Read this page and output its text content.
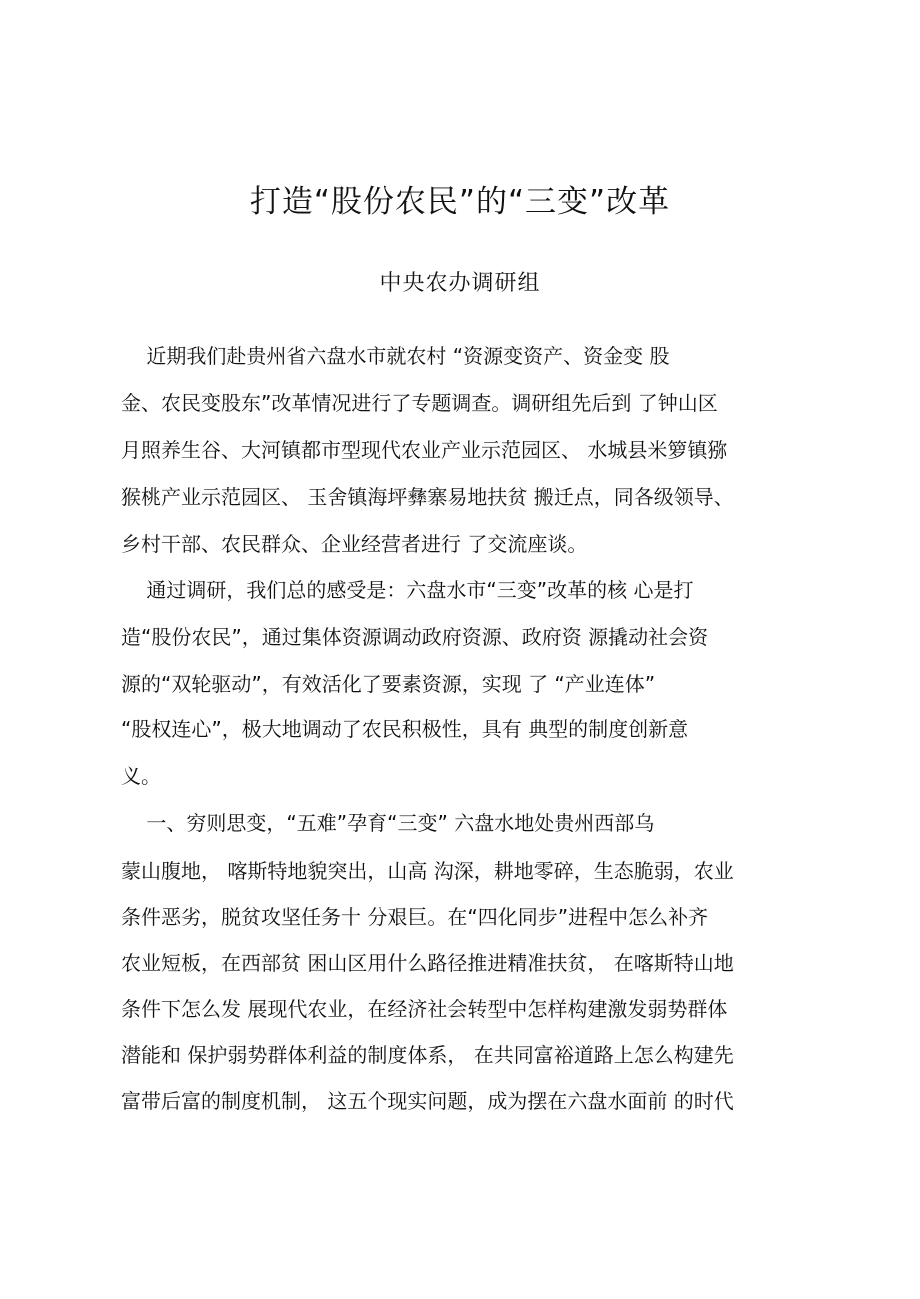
打造“股份农民”的“三变”改革
中央农办调研组
近期我们赴贵州省六盘水市就农村 “资源变资产、资金变 股
金、农民变股东”改革情况进行了专题调查。调研组先后到 了钟山区
月照养生谷、大河镇都市型现代农业产业示范园区、 水城县米箩镇猕
猴桃产业示范园区、 玉舍镇海坪彝寨易地扶贫 搬迁点，同各级领导、
乡村干部、农民群众、企业经营者进行 了交流座谈。
通过调研，我们总的感受是：六盘水市“三变”改革的核 心是打
造“股份农民”，通过集体资源调动政府资源、政府资 源撬动社会资
源的“双轮驱动”，有效活化了要素资源，实现 了 “产业连体”
“股权连心”，极大地调动了农民积极性，具有 典型的制度创新意
义。
一、穷则思变，“五难”孕育“三变” 六盘水地处贵州西部乌
蒙山腹地， 喀斯特地貌突出，山高 沟深，耕地零碎，生态脆弱，农业
条件恶劣，脱贫攻坚任务十 分艰巨。在“四化同步”进程中怎么补齐
农业短板，在西部贫 困山区用什么路径推进精准扶贫， 在喀斯特山地
条件下怎么发 展现代农业，在经济社会转型中怎样构建激发弱势群体
潜能和 保护弱势群体利益的制度体系， 在共同富裕道路上怎么构建先
富带后富的制度机制， 这五个现实问题，成为摆在六盘水面前 的时代
